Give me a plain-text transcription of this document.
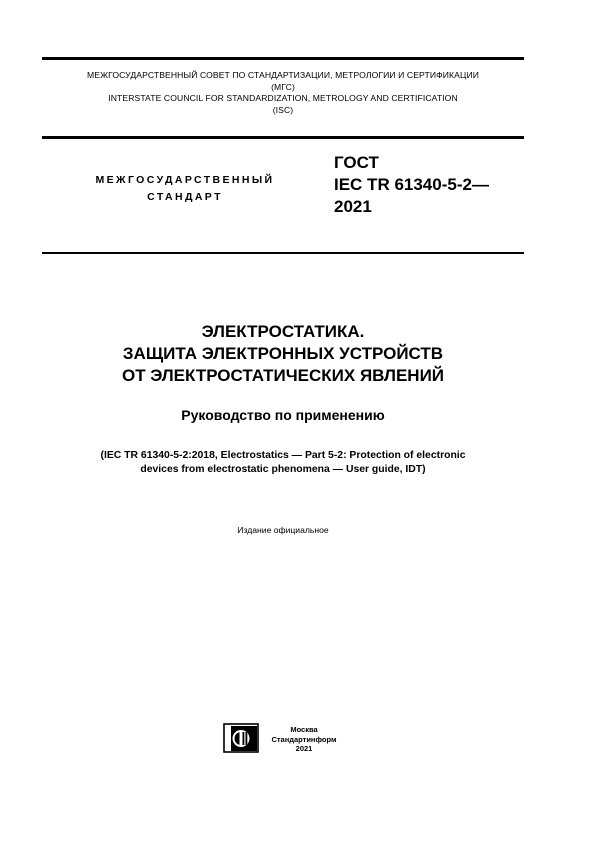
МЕЖГОСУДАРСТВЕННЫЙ СОВЕТ ПО СТАНДАРТИЗАЦИИ, МЕТРОЛОГИИ И СЕРТИФИКАЦИИ
(МГС)
INTERSTATE COUNCIL FOR STANDARDIZATION, METROLOGY AND CERTIFICATION
(ISC)
МЕЖГОСУДАРСТВЕННЫЙ
СТАНДАРТ
ГОСТ
IEC TR 61340-5-2—
2021
ЭЛЕКТРОСТАТИКА.
ЗАЩИТА ЭЛЕКТРОННЫХ УСТРОЙСТВ
ОТ ЭЛЕКТРОСТАТИЧЕСКИХ ЯВЛЕНИЙ
Руководство по применению
(IEC TR 61340-5-2:2018, Electrostatics — Part 5-2: Protection of electronic
devices from electrostatic phenomena — User guide, IDT)
Издание официальное
Москва
Стандартинформ
2021
